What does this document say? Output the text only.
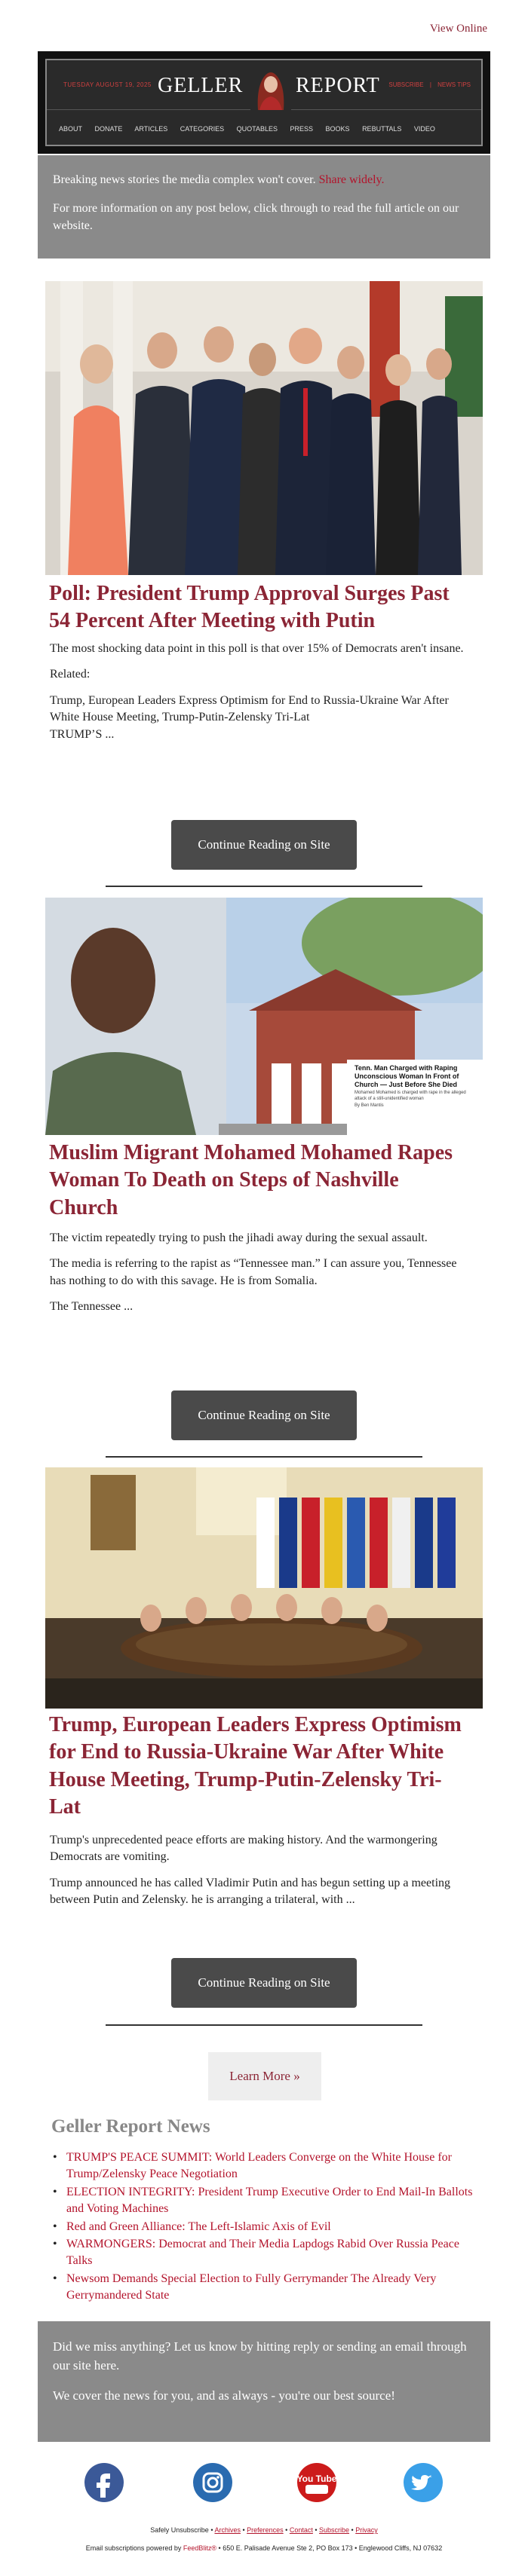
View Online
TUESDAY AUGUST 19, 2025 GELLER REPORT	SUBSCRIBE | NEWS TIPS
ABOUT DONATE ARTICLES CATEGORIES QUOTABLES PRESS BOOKS REBUTTALS VIDEO

Breaking news stories the media complex won't cover. Share widely.

For more information on any post below, click through to read the full article on our website.

Poll: President Trump Approval Surges Past 54 Percent After Meeting with Putin

The most shocking data point in this poll is that over 15% of Democrats aren't insane.

Related:

Trump, European Leaders Express Optimism for End to Russia-Ukraine War After White House Meeting, Trump-Putin-Zelensky Tri-Lat

TRUMP’S ...

Continue Reading on Site
Tenn. Man Charged with Raping Unconscious Woman In Front of Church — Just Before She Died
Mohamed Mohamed is charged with rape in the alleged attack of a still-unidentified woman
By Ben Mantis
Muslim Migrant Mohamed Mohamed Rapes Woman To Death on Steps of Nashville Church

The victim repeatedly trying to push the jihadi away during the sexual assault.

The media is referring to the rapist as “Tennessee man.” I can assure you, Tennessee has nothing to do with this savage. He is from Somalia.

The Tennessee ...

Continue Reading on Site
Trump, European Leaders Express Optimism for End to Russia-Ukraine War After White House Meeting, Trump-Putin-Zelensky Tri-Lat

Trump's unprecedented peace efforts are making history. And the warmongering Democrats are vomiting.

Trump announced he has called Vladimir Putin and has begun setting up a meeting between Putin and Zelensky. he is arranging a trilateral, with ...

Continue Reading on Site
Learn More »
Geller Report News
• TRUMP'S PEACE SUMMIT: World Leaders Converge on the White House for Trump/Zelensky Peace Negotiation
• ELECTION INTEGRITY: President Trump Executive Order to End Mail-In Ballots and Voting Machines
• Red and Green Alliance: The Left-Islamic Axis of Evil
• WARMONGERS: Democrat and Their Media Lapdogs Rabid Over Russia Peace Talks
• Newsom Demands Special Election to Fully Gerrymander The Already Very Gerrymandered State

Did we miss anything? Let us know by hitting reply or sending an email through our site here.

We cover the news for you, and as always - you're our best source!

You Tube
Safely Unsubscribe • Archives • Preferences • Contact • Subscribe • Privacy
Email subscriptions powered by FeedBlitz® • 650 E. Palisade Avenue Ste 2, PO Box 173 • Englewood Cliffs, NJ 07632
